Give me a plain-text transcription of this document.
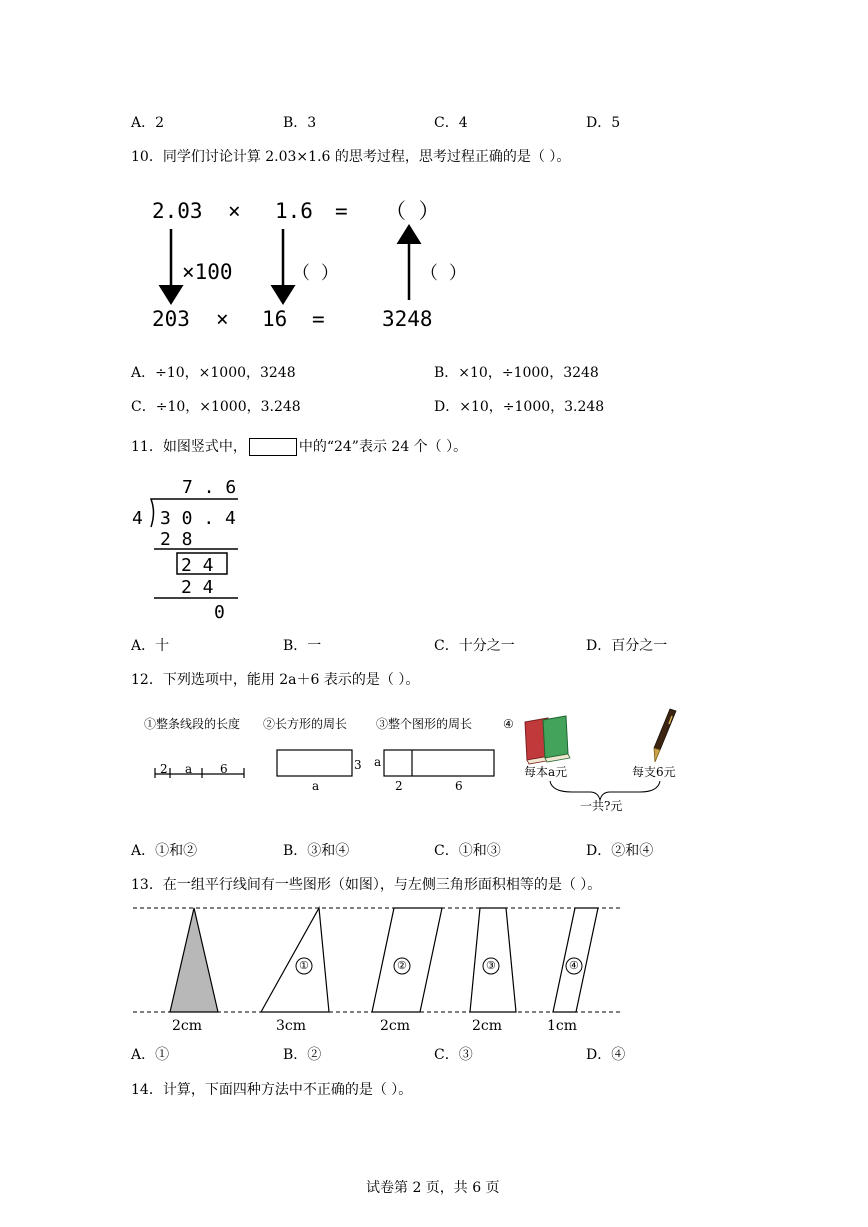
A．2	B．3	C．4	D．5
10．同学们讨论计算 2.03×1.6 的思考过程，思考过程正确的是（ ）。
2.03 × 1.6 = （ ）
×100	（ ）	（ ）
203 × 16 =	3248
A．÷10，×1000，3248	B．×10，÷1000，3248
C．÷10，×1000，3.248	D．×10，÷1000，3.248
11．如图竖式中，	中的“24”表示 24 个（ ）。
7 . 6
4 3 0 . 4
2 8
2 4
2 4
0
A．十	B．一	C．十分之一	D．百分之一
12．下列选项中，能用 2a＋6 表示的是（ ）。
①整条线段的长度 ②长方形的周长 ③整个图形的周长	④
2 a 6	3
a
a
2	6
每本a元	每支6元
一共?元
A．①和②	B．③和④	C．①和③	D．②和④
13．在一组平行线间有一些图形（如图），与左侧三角形面积相等的是（ ）。
①	②	③	④
2cm	3cm	2cm	2cm	1cm
A．①	B．②	C．③	D．④
14．计算，下面四种方法中不正确的是（ ）。
试卷第 2 页，共 6 页
